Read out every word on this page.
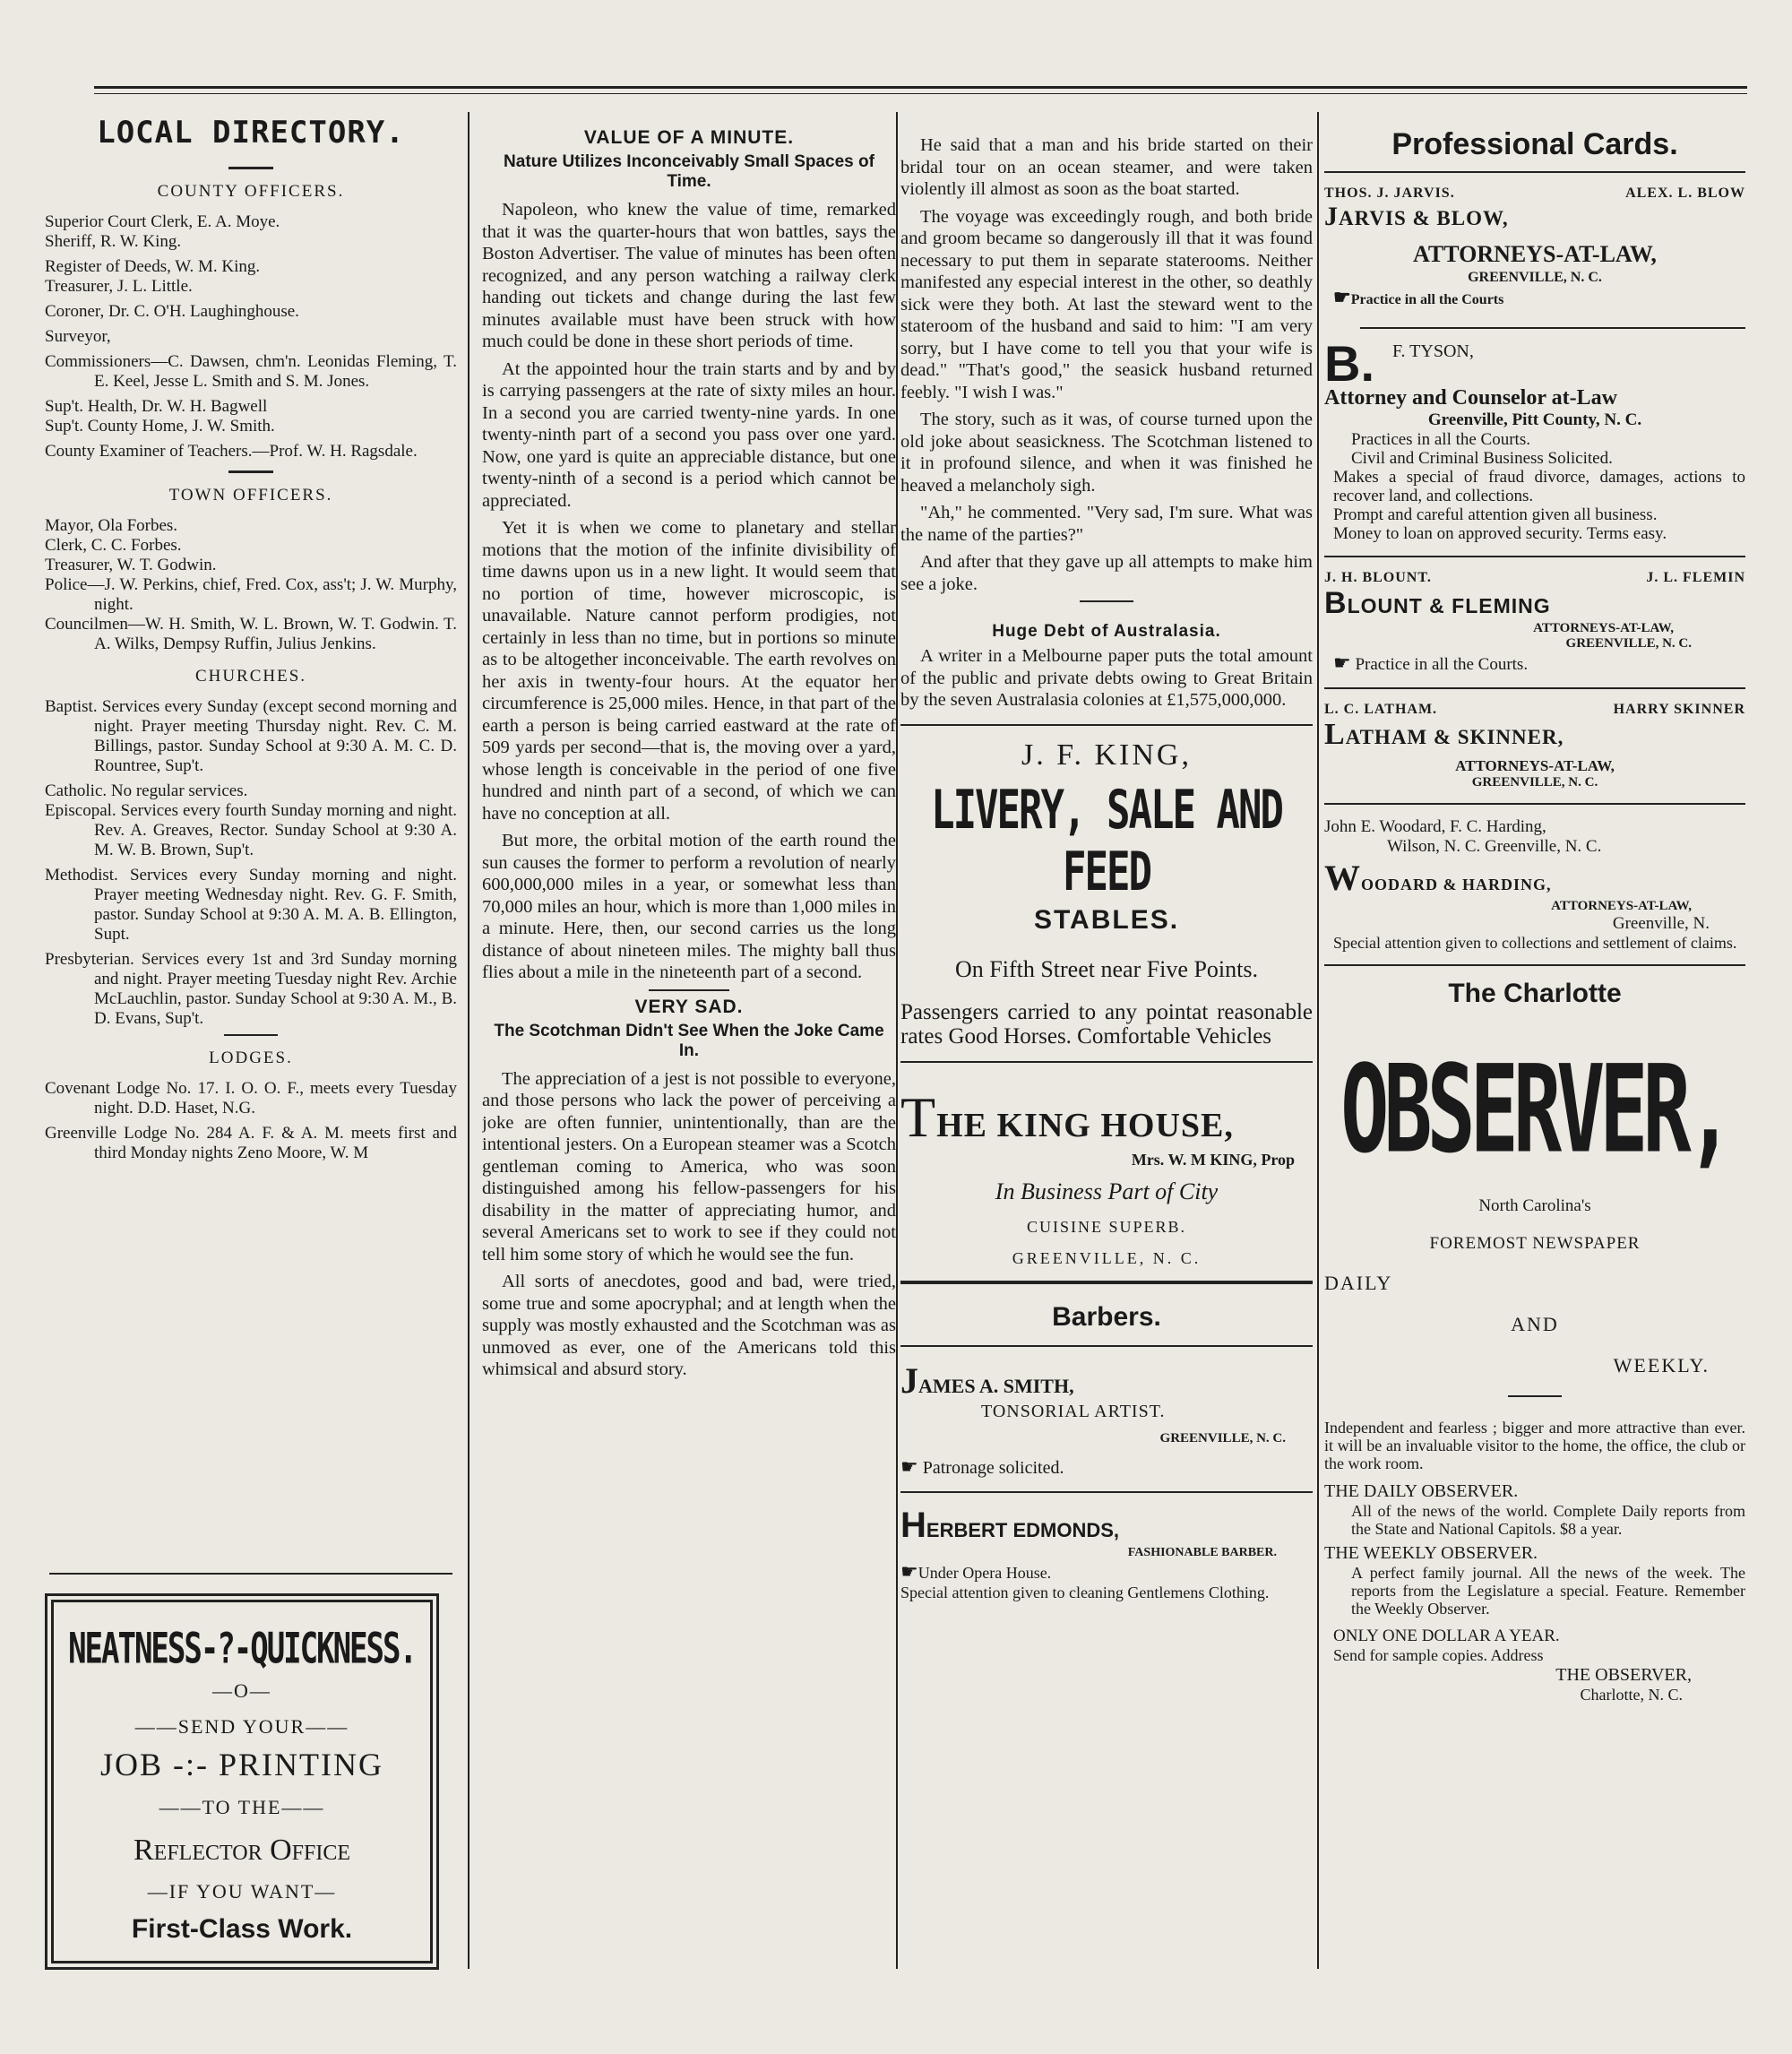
LOCAL DIRECTORY.
COUNTY OFFICERS.

Superior Court Clerk, E. A. Moye.

Sheriff, R. W. King.

Register of Deeds, W. M. King.

Treasurer, J. L. Little.

Coroner, Dr. C. O'H. Laughinghouse.

Surveyor,

Commissioners—C. Dawsen, chm'n. Leonidas Fleming, T. E. Keel, Jesse L. Smith and S. M. Jones.

Sup't. Health, Dr. W. H. Bagwell

Sup't. County Home, J. W. Smith.

County Examiner of Teachers.—Prof. W. H. Ragsdale.

TOWN OFFICERS.

Mayor, Ola Forbes.

Clerk, C. C. Forbes.

Treasurer, W. T. Godwin.

Police—J. W. Perkins, chief, Fred. Cox, ass't; J. W. Murphy, night.

Councilmen—W. H. Smith, W. L. Brown, W. T. Godwin. T. A. Wilks, Dempsy Ruffin, Julius Jenkins.

CHURCHES.

Baptist. Services every Sunday (except second morning and night. Prayer meeting Thursday night. Rev. C. M. Billings, pastor. Sunday School at 9:30 A. M. C. D. Rountree, Sup't.

Catholic. No regular services.

Episcopal. Services every fourth Sunday morning and night. Rev. A. Greaves, Rector. Sunday School at 9:30 A. M. W. B. Brown, Sup't.

Methodist. Services every Sunday morning and night. Prayer meeting Wednesday night. Rev. G. F. Smith, pastor. Sunday School at 9:30 A. M. A. B. Ellington, Supt.

Presbyterian. Services every 1st and 3rd Sunday morning and night. Prayer meeting Tuesday night Rev. Archie McLauchlin, pastor. Sunday School at 9:30 A. M., B. D. Evans, Sup't.

LODGES.

Covenant Lodge No. 17. I. O. O. F., meets every Tuesday night. D.D. Haset, N.G.

Greenville Lodge No. 284 A. F. & A. M. meets first and third Monday nights Zeno Moore, W. M

NEATNESS-?-QUICKNESS.
—O—
——SEND YOUR——
JOB -:- PRINTING
——TO THE——
Reflector Office
—IF YOU WANT—
First-Class Work.
VALUE OF A MINUTE.
Nature Utilizes Inconceivably Small Spaces of Time.

Napoleon, who knew the value of time, remarked that it was the quarter-hours that won battles, says the Boston Advertiser. The value of minutes has been often recognized, and any person watching a railway clerk handing out tickets and change during the last few minutes available must have been struck with how much could be done in these short periods of time.

At the appointed hour the train starts and by and by is carrying passengers at the rate of sixty miles an hour. In a second you are carried twenty-nine yards. In one twenty-ninth part of a second you pass over one yard. Now, one yard is quite an appreciable distance, but one twenty-ninth of a second is a period which cannot be appreciated.

Yet it is when we come to planetary and stellar motions that the motion of the infinite divisibility of time dawns upon us in a new light. It would seem that no portion of time, however microscopic, is unavailable. Nature cannot perform prodigies, not certainly in less than no time, but in portions so minute as to be altogether inconceivable. The earth revolves on her axis in twenty-four hours. At the equator her circumference is 25,000 miles. Hence, in that part of the earth a person is being carried eastward at the rate of 509 yards per second—that is, the moving over a yard, whose length is conceivable in the period of one five hundred and ninth part of a second, of which we can have no conception at all.

But more, the orbital motion of the earth round the sun causes the former to perform a revolution of nearly 600,000,000 miles in a year, or somewhat less than 70,000 miles an hour, which is more than 1,000 miles in a minute. Here, then, our second carries us the long distance of about nineteen miles. The mighty ball thus flies about a mile in the nineteenth part of a second.

VERY SAD.
The Scotchman Didn't See When the Joke Came In.

The appreciation of a jest is not possible to everyone, and those persons who lack the power of perceiving a joke are often funnier, unintentionally, than are the intentional jesters. On a European steamer was a Scotch gentleman coming to America, who was soon distinguished among his fellow-passengers for his disability in the matter of appreciating humor, and several Americans set to work to see if they could not tell him some story of which he would see the fun.

All sorts of anecdotes, good and bad, were tried, some true and some apocryphal; and at length when the supply was mostly exhausted and the Scotchman was as unmoved as ever, one of the Americans told this whimsical and absurd story.

He said that a man and his bride started on their bridal tour on an ocean steamer, and were taken violently ill almost as soon as the boat started.

The voyage was exceedingly rough, and both bride and groom became so dangerously ill that it was found necessary to put them in separate staterooms. Neither manifested any especial interest in the other, so deathly sick were they both. At last the steward went to the stateroom of the husband and said to him: "I am very sorry, but I have come to tell you that your wife is dead." "That's good," the seasick husband returned feebly. "I wish I was."

The story, such as it was, of course turned upon the old joke about seasickness. The Scotchman listened to it in profound silence, and when it was finished he heaved a melancholy sigh.

"Ah," he commented. "Very sad, I'm sure. What was the name of the parties?"

And after that they gave up all attempts to make him see a joke.

Huge Debt of Australasia.

A writer in a Melbourne paper puts the total amount of the public and private debts owing to Great Britain by the seven Australasia colonies at £1,575,000,000.

J. F. KING,
LIVERY, SALE AND FEED
STABLES.

On Fifth Street near Five Points.

Passengers carried to any pointat reasonable rates Good Horses. Comfortable Vehicles

THE KING HOUSE,
Mrs. W. M KING, Prop
In Business Part of City
CUISINE SUPERB.
GREENVILLE, N. C.
Barbers.
JAMES A. SMITH,
TONSORIAL ARTIST.
GREENVILLE, N. C.
☛ Patronage solicited.
HERBERT EDMONDS,
FASHIONABLE BARBER.
☛Under Opera House.

Special attention given to cleaning Gentlemens Clothing.

Professional Cards.
THOS. J. JARVIS.	ALEX. L. BLOW
JARVIS & BLOW,
ATTORNEYS-AT-LAW,
GREENVILLE, N. C.
☛Practice in all the Courts
B. F. TYSON,
Attorney and Counselor at-Law
Greenville, Pitt County, N. C.

Practices in all the Courts.

Civil and Criminal Business Solicited.

Makes a special of fraud divorce, damages, actions to recover land, and collections.

Prompt and careful attention given all business.

Money to loan on approved security. Terms easy.

J. H. BLOUNT.	J. L. FLEMIN
BLOUNT & FLEMING
ATTORNEYS-AT-LAW,
GREENVILLE, N. C.
☛ Practice in all the Courts.
L. C. LATHAM.	HARRY SKINNER
LATHAM & SKINNER,
ATTORNEYS-AT-LAW,
GREENVILLE, N. C.
John E. Woodard, F. C. Harding,
Wilson, N. C. Greenville, N. C.
WOODARD & HARDING,
ATTORNEYS-AT-LAW,
Greenville, N.

Special attention given to collections and settlement of claims.

The Charlotte
OBSERVER,
North Carolina's
FOREMOST NEWSPAPER
DAILY
AND
WEEKLY.

Independent and fearless ; bigger and more attractive than ever. it will be an invaluable visitor to the home, the office, the club or the work room.

THE DAILY OBSERVER.

All of the news of the world. Complete Daily reports from the State and National Capitols. $8 a year.

THE WEEKLY OBSERVER.

A perfect family journal. All the news of the week. The reports from the Legislature a special. Feature. Remember the Weekly Observer.

ONLY ONE DOLLAR A YEAR.
Send for sample copies. Address
THE OBSERVER,
Charlotte, N. C.
